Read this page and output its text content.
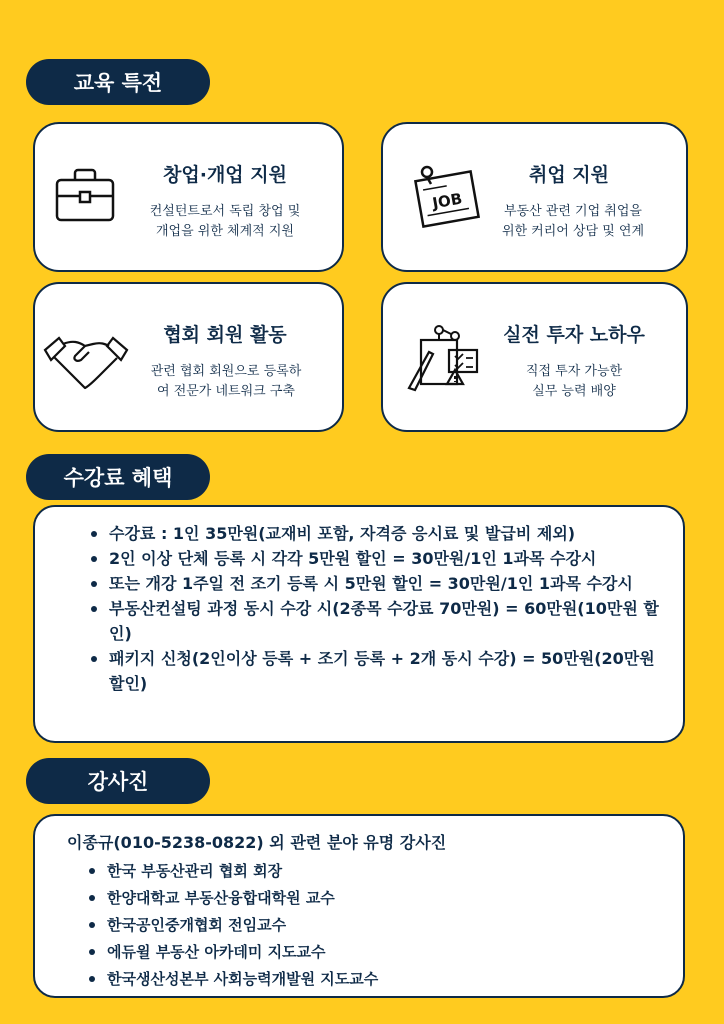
교육 특전
창업·개업 지원
컨설턴트로서 독립 창업 및
개업을 위한 체계적 지원
JOB
취업 지원
부동산 관련 기업 취업을
위한 커리어 상담 및 연계
협회 회원 활동
관련 협회 회원으로 등록하
여 전문가 네트워크 구축
실전 투자 노하우
직접 투자 가능한
실무 능력 배양
수강료 혜택
수강료 : 1인 35만원(교재비 포함, 자격증 응시료 및 발급비 제외)
2인 이상 단체 등록 시 각각 5만원 할인 = 30만원/1인 1과목 수강시
또는 개강 1주일 전 조기 등록 시 5만원 할인 = 30만원/1인 1과목 수강시
부동산컨설팅 과정 동시 수강 시(2종목 수강료 70만원) = 60만원(10만원 할인)
패키지 신청(2인이상 등록 + 조기 등록 + 2개 동시 수강) = 50만원(20만원 할인)
강사진
이종규(010-5238-0822) 외 관련 분야 유명 강사진
한국 부동산관리 협회 회장
한양대학교 부동산융합대학원 교수
한국공인중개협회 전임교수
에듀윌 부동산 아카데미 지도교수
한국생산성본부 사회능력개발원 지도교수
